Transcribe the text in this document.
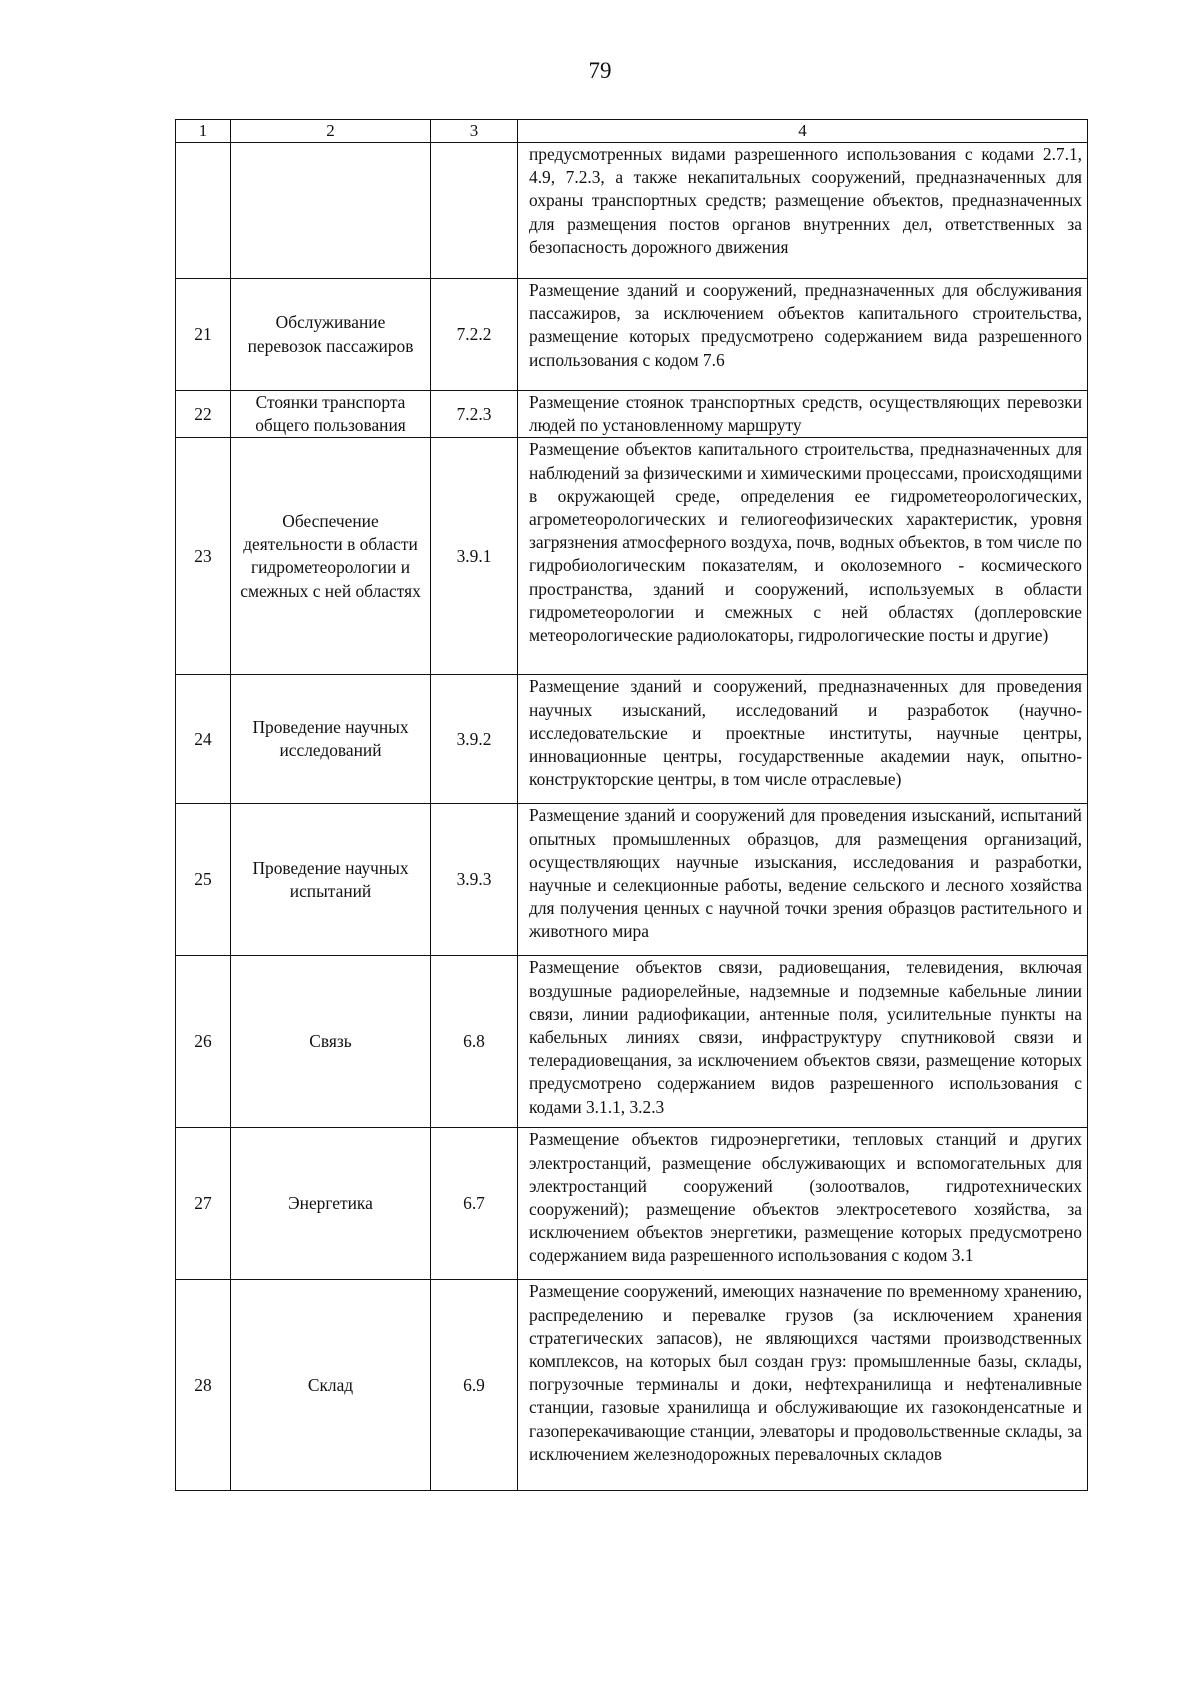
79
1	2	3	4
			предусмотренных видами разрешенного использования с кодами 2.7.1, 4.9, 7.2.3, а также некапитальных сооружений, предназначенных для охраны транспортных средств; размещение объектов, предназначенных для размещения постов органов внутренних дел, ответственных за безопасность дорожного движения
21	Обслуживание перевозок пассажиров	7.2.2	Размещение зданий и сооружений, предназначенных для обслуживания пассажиров, за исключением объектов капитального строительства, размещение которых предусмотрено содержанием вида разрешенного использования с кодом 7.6
22	Стоянки транспорта общего пользования	7.2.3	Размещение стоянок транспортных средств, осуществляющих перевозки людей по установленному маршруту
23	Обеспечение деятельности в области гидрометеорологии и смежных с ней областях	3.9.1	Размещение объектов капитального строительства, предназначенных для наблюдений за физическими и химическими процессами, происходящими в окружающей среде, определения ее гидрометеорологических, агрометеорологических и гелиогеофизических характеристик, уровня загрязнения атмосферного воздуха, почв, водных объектов, в том числе по гидробиологическим показателям, и околоземного - космического пространства, зданий и сооружений, используемых в области гидрометеорологии и смежных с ней областях (доплеровские метеорологические радиолокаторы, гидрологические посты и другие)
24	Проведение научных исследований	3.9.2	Размещение зданий и сооружений, предназначенных для проведения научных изысканий, исследований и разработок (научно-исследовательские и проектные институты, научные центры, инновационные центры, государственные академии наук, опытно-конструкторские центры, в том числе отраслевые)
25	Проведение научных испытаний	3.9.3	Размещение зданий и сооружений для проведения изысканий, испытаний опытных промышленных образцов, для размещения организаций, осуществляющих научные изыскания, исследования и разработки, научные и селекционные работы, ведение сельского и лесного хозяйства для получения ценных с научной точки зрения образцов растительного и животного мира
26	Связь	6.8	Размещение объектов связи, радиовещания, телевидения, включая воздушные радиорелейные, надземные и подземные кабельные линии связи, линии радиофикации, антенные поля, усилительные пункты на кабельных линиях связи, инфраструктуру спутниковой связи и телерадиовещания, за исключением объектов связи, размещение которых предусмотрено содержанием видов разрешенного использования с кодами 3.1.1, 3.2.3
27	Энергетика	6.7	Размещение объектов гидроэнергетики, тепловых станций и других электростанций, размещение обслуживающих и вспомогательных для электростанций сооружений (золоотвалов, гидротехнических сооружений); размещение объектов электросетевого хозяйства, за исключением объектов энергетики, размещение которых предусмотрено содержанием вида разрешенного использования с кодом 3.1
28	Склад	6.9	Размещение сооружений, имеющих назначение по временному хранению, распределению и перевалке грузов (за исключением хранения стратегических запасов), не являющихся частями производственных комплексов, на которых был создан груз: промышленные базы, склады, погрузочные терминалы и доки, нефтехранилища и нефтеналивные станции, газовые хранилища и обслуживающие их газоконденсатные и газоперекачивающие станции, элеваторы и продовольственные склады, за исключением железнодорожных перевалочных складов
